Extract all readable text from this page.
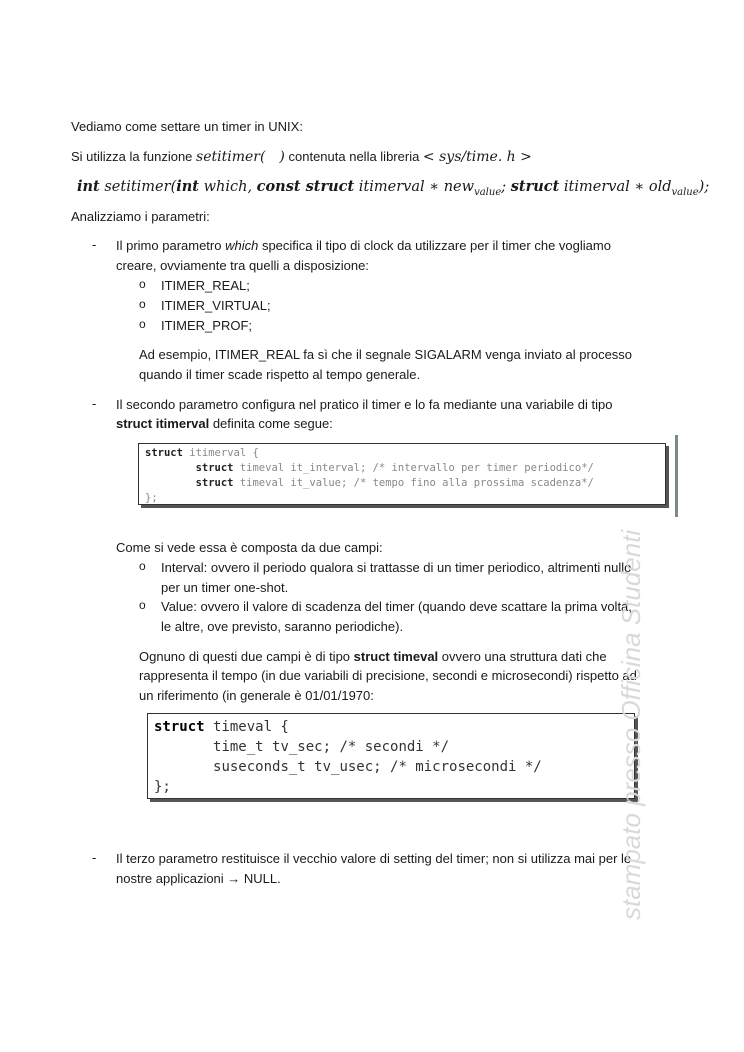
Vediamo come settare un timer in UNIX:
Si utilizza la funzione setitimer( ) contenuta nella libreria < sys/time. h >
int setitimer(int which, const struct itimerval ∗ new$_{value}$; struct itimerval ∗ old$_{value}$);
Analizziamo i parametri:
- Il primo parametro which specifica il tipo di clock da utilizzare per il timer che vogliamo
creare, ovviamente tra quelli a disposizione:
o ITIMER_REAL;
o ITIMER_VIRTUAL;
o ITIMER_PROF;
Ad esempio, ITIMER_REAL fa sì che il segnale SIGALARM venga inviato al processo
quando il timer scade rispetto al tempo generale.
- Il secondo parametro configura nel pratico il timer e lo fa mediante una variabile di tipo
struct itimerval definita come segue:
struct itimerval {
struct timeval it_interval; /* intervallo per timer periodico*/
struct timeval it_value; /* tempo fino alla prossima scadenza*/
};
Come si vede essa è composta da due campi:
o Interval: ovvero il periodo qualora si trattasse di un timer periodico, altrimenti nullo
per un timer one-shot.
o Value: ovvero il valore di scadenza del timer (quando deve scattare la prima volta,
le altre, ove previsto, saranno periodiche).
Ognuno di questi due campi è di tipo struct timeval ovvero una struttura dati che
rappresenta il tempo (in due variabili di precisione, secondi e microsecondi) rispetto ad
un riferimento (in generale è 01/01/1970:
struct timeval {
time_t tv_sec; /* secondi */
suseconds_t tv_usec; /* microsecondi */
};
- Il terzo parametro restituisce il vecchio valore di setting del timer; non si utilizza mai per le
nostre applicazioni → NULL.	stampato presso Officina Studenti
